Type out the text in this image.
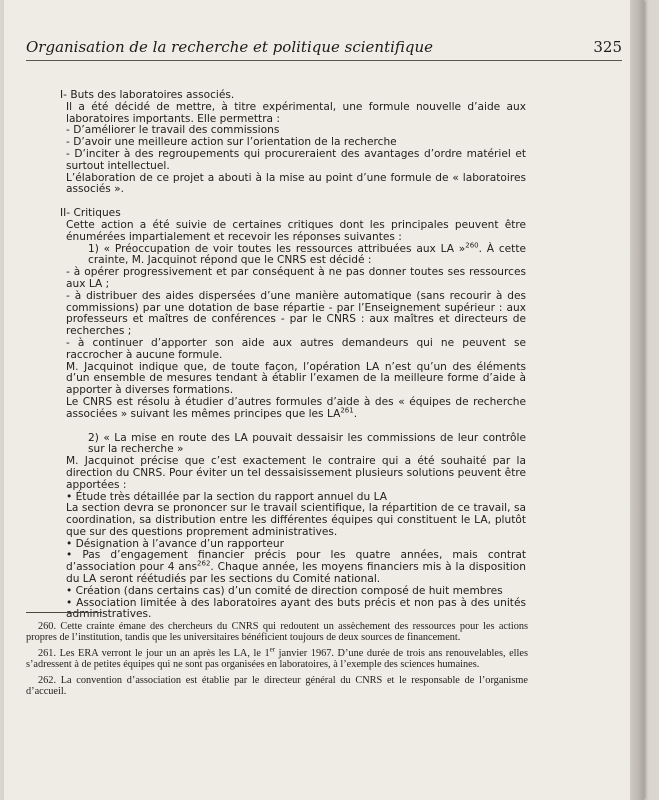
Organisation de la recherche et politique scientifique	325

I- Buts des laboratoires associés.

Il a été décidé de mettre, à titre expérimental, une formule nouvelle d’aide aux laboratoires importants. Elle permettra :

- D’améliorer le travail des commissions

- D’avoir une meilleure action sur l’orientation de la recherche

- D’inciter à des regroupements qui procureraient des avantages d’ordre matériel et surtout intellectuel.

L’élaboration de ce projet a abouti à la mise au point d’une formule de « laboratoires associés ».

II- Critiques

Cette action a été suivie de certaines critiques dont les principales peuvent être énumérées impartialement et recevoir les réponses suivantes :

1) « Préoccupation de voir toutes les ressources attribuées aux LA »$^{260}$. À cette crainte, M. Jacquinot répond que le CNRS est décidé :

- à opérer progressivement et par conséquent à ne pas donner toutes ses ressources aux LA ;

- à distribuer des aides dispersées d’une manière automatique (sans recourir à des commissions) par une dotation de base répartie - par l’Enseignement supérieur : aux professeurs et maîtres de conférences - par le CNRS : aux maîtres et directeurs de recherches ;

- à continuer d’apporter son aide aux autres demandeurs qui ne peuvent se raccrocher à aucune formule.

M. Jacquinot indique que, de toute façon, l’opération LA n’est qu’un des éléments d’un ensemble de mesures tendant à établir l’examen de la meilleure forme d’aide à apporter à diverses formations.

Le CNRS est résolu à étudier d’autres formules d’aide à des « équipes de recherche associées » suivant les mêmes principes que les LA$^{261}$.

2) « La mise en route des LA pouvait dessaisir les commissions de leur contrôle sur la recherche »

M. Jacquinot précise que c’est exactement le contraire qui a été souhaité par la direction du CNRS. Pour éviter un tel dessaisissement plusieurs solutions peuvent être apportées :

• Étude très détaillée par la section du rapport annuel du LA

La section devra se prononcer sur le travail scientifique, la répartition de ce travail, sa coordination, sa distribution entre les différentes équipes qui constituent le LA, plutôt que sur des questions proprement administratives.

• Désignation à l’avance d’un rapporteur

• Pas d’engagement financier précis pour les quatre années, mais contrat d’association pour 4 ans$^{262}$. Chaque année, les moyens financiers mis à la disposition du LA seront réétudiés par les sections du Comité national.

• Création (dans certains cas) d’un comité de direction composé de huit membres

• Association limitée à des laboratoires ayant des buts précis et non pas à des unités administratives.

260. Cette crainte émane des chercheurs du CNRS qui redoutent un assèchement des ressources pour les actions propres de l’institution, tandis que les universitaires bénéficient toujours de deux sources de financement.

261. Les ERA verront le jour un an après les LA, le 1er janvier 1967. D’une durée de trois ans renouvelables, elles s’adressent à de petites équipes qui ne sont pas organisées en laboratoires, à l’exemple des sciences humaines.

262. La convention d’association est établie par le directeur général du CNRS et le responsable de l’organisme d’accueil.
